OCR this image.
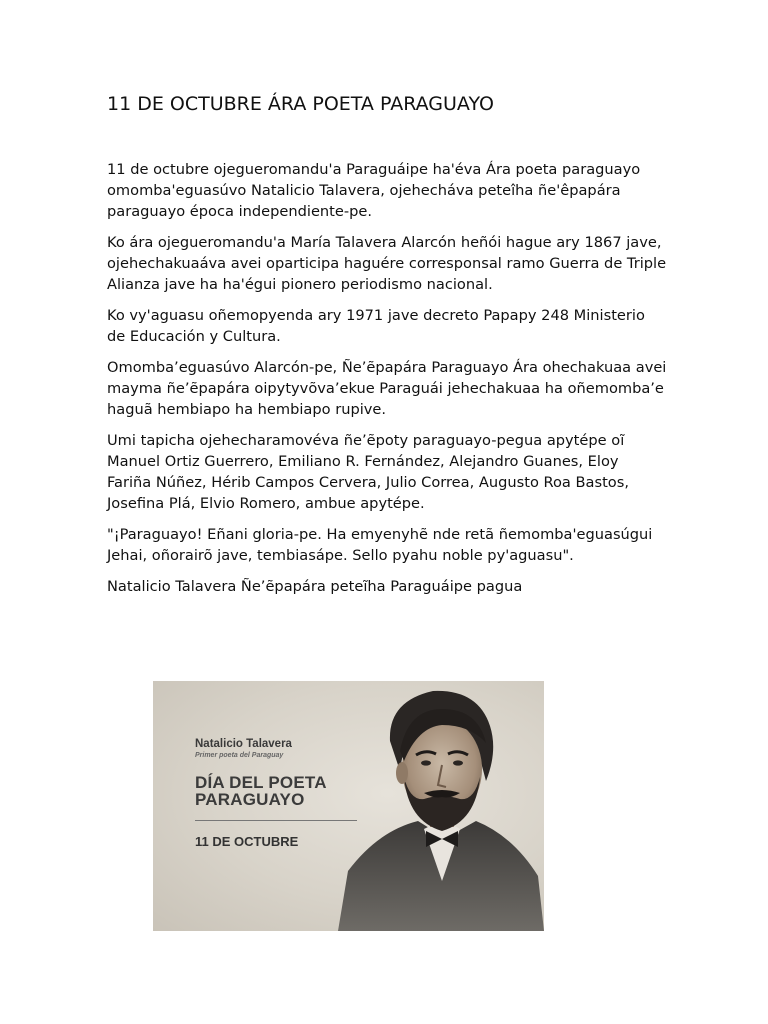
11 DE OCTUBRE ÁRA POETA PARAGUAYO

11 de octubre ojegueromandu'a Paraguáipe ha'éva Ára poeta paraguayo omomba'eguasúvo Natalicio Talavera, ojehecháva peteîha ñe'êpapára paraguayo época independiente-pe.

Ko ára ojegueromandu'a María Talavera Alarcón heñói hague ary 1867 jave, ojehechakuaáva avei oparticipa haguére corresponsal ramo Guerra de Triple Alianza jave ha ha'égui pionero periodismo nacional.

Ko vy'aguasu oñemopyenda ary 1971 jave decreto Papapy 248 Ministerio de Educación y Cultura.

Omomba’eguasúvo Alarcón-pe, Ñe’ẽpapára Paraguayo Ára ohechakuaa avei mayma ñe’ẽpapára oipytyvõva’ekue Paraguái jehechakuaa ha oñemomba’e haguã hembiapo ha hembiapo rupive.

Umi tapicha ojehecharamovéva ñe’ẽpoty paraguayo-pegua apytépe oĩ Manuel Ortiz Guerrero, Emiliano R. Fernández, Alejandro Guanes, Eloy Fariña Núñez, Hérib Campos Cervera, Julio Correa, Augusto Roa Bastos, Josefina Plá, Elvio Romero, ambue apytépe.

"¡Paraguayo! Eñani gloria-pe. Ha emyenyhẽ nde retã ñemomba'eguasúgui Jehai, oñorairõ jave, tembiasápe. Sello pyahu noble py'aguasu".

Natalicio Talavera Ñe’ẽpapára peteĩha Paraguáipe pagua

Natalicio Talavera

Primer poeta del Paraguay

DÍA DEL POETA

PARAGUAYO

11 DE OCTUBRE
